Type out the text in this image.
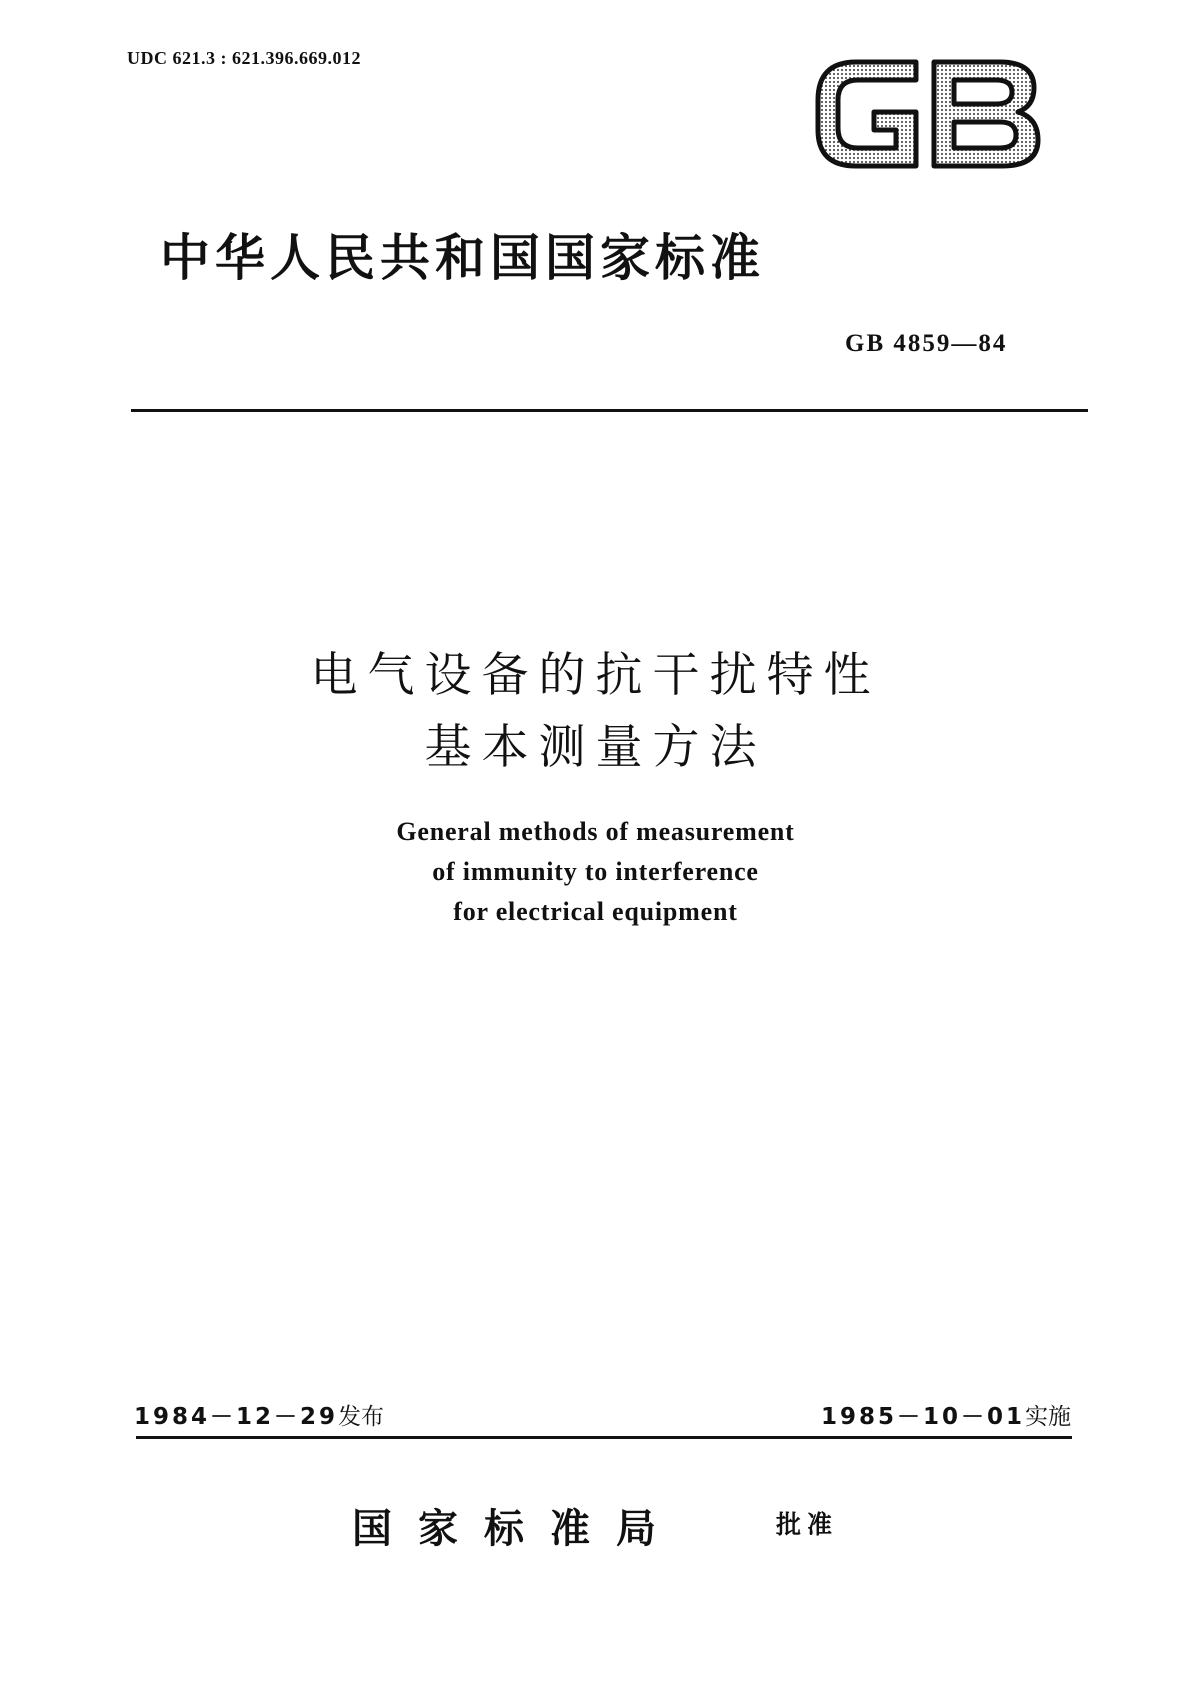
UDC 621.3 : 621.396.669.012
中华人民共和国国家标准
GB 4859—84
电气设备的抗干扰特性
基本测量方法
General methods of measurement
of immunity to interference
for electrical equipment
1984－12－29发布	1985－10－01实施
国家标准局	批准
